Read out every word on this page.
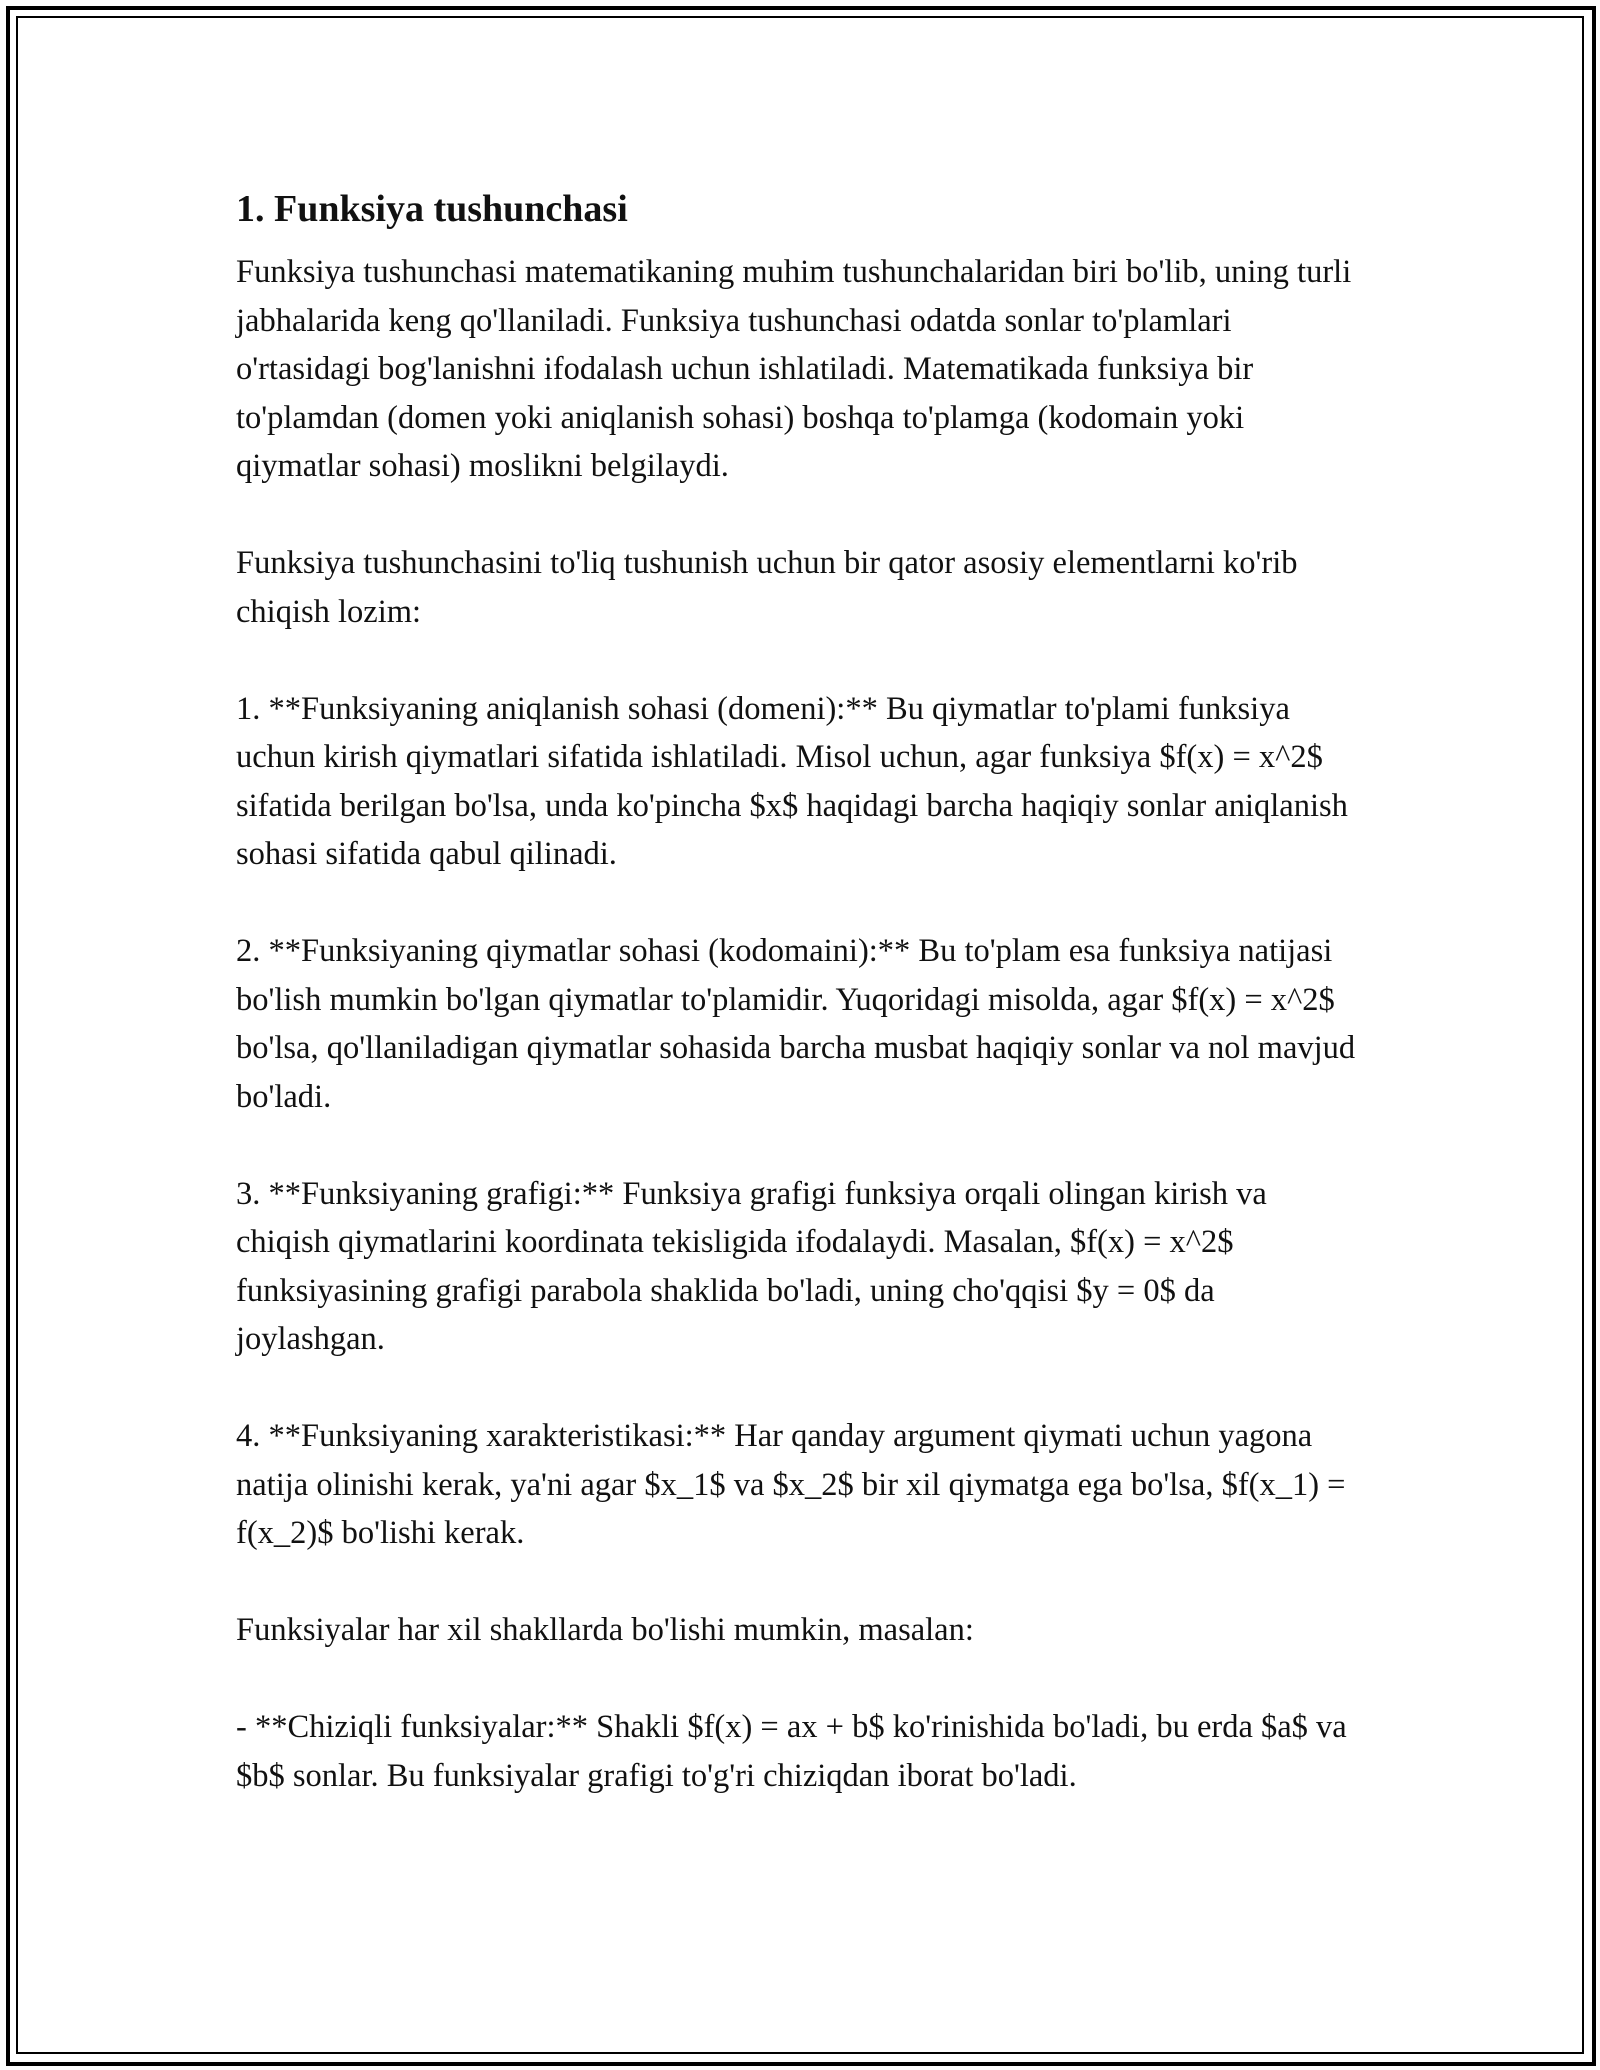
1. Funksiya tushunchasi

Funksiya tushunchasi matematikaning muhim tushunchalaridan biri bo'lib, uning turli jabhalarida keng qo'llaniladi. Funksiya tushunchasi odatda sonlar to'plamlari o'rtasidagi bog'lanishni ifodalash uchun ishlatiladi. Matematikada funksiya bir to'plamdan (domen yoki aniqlanish sohasi) boshqa to'plamga (kodomain yoki qiymatlar sohasi) moslikni belgilaydi.

Funksiya tushunchasini to'liq tushunish uchun bir qator asosiy elementlarni ko'rib chiqish lozim:

1. **Funksiyaning aniqlanish sohasi (domeni):** Bu qiymatlar to'plami funksiya uchun kirish qiymatlari sifatida ishlatiladi. Misol uchun, agar funksiya $f(x) = x^2$ sifatida berilgan bo'lsa, unda ko'pincha $x$ haqidagi barcha haqiqiy sonlar aniqlanish sohasi sifatida qabul qilinadi.

2. **Funksiyaning qiymatlar sohasi (kodomaini):** Bu to'plam esa funksiya natijasi bo'lish mumkin bo'lgan qiymatlar to'plamidir. Yuqoridagi misolda, agar $f(x) = x^2$ bo'lsa, qo'llaniladigan qiymatlar sohasida barcha musbat haqiqiy sonlar va nol mavjud bo'ladi.

3. **Funksiyaning grafigi:** Funksiya grafigi funksiya orqali olingan kirish va chiqish qiymatlarini koordinata tekisligida ifodalaydi. Masalan, $f(x) = x^2$ funksiyasining grafigi parabola shaklida bo'ladi, uning cho'qqisi $y = 0$ da joylashgan.

4. **Funksiyaning xarakteristikasi:** Har qanday argument qiymati uchun yagona natija olinishi kerak, ya'ni agar $x_1$ va $x_2$ bir xil qiymatga ega bo'lsa, $f(x_1) = f(x_2)$ bo'lishi kerak.

Funksiyalar har xil shakllarda bo'lishi mumkin, masalan:

- **Chiziqli funksiyalar:** Shakli $f(x) = ax + b$ ko'rinishida bo'ladi, bu erda $a$ va $b$ sonlar. Bu funksiyalar grafigi to'g'ri chiziqdan iborat bo'ladi.
